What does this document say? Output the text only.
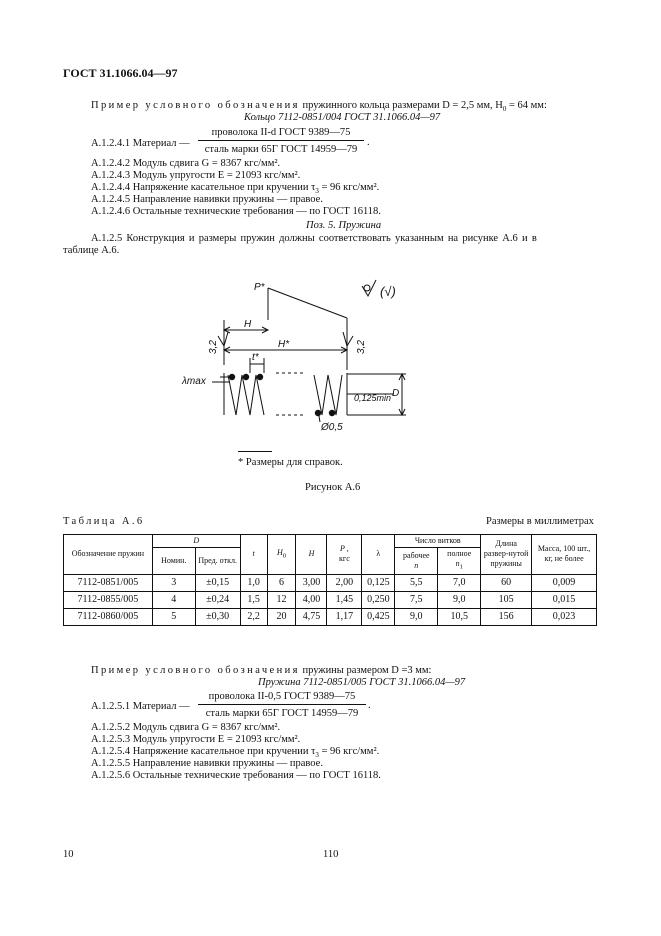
ГОСТ 31.1066.04—97
Пример условного обозначения пружинного кольца размерами D = 2,5 мм, $H_0 = 64$ мм:
Кольцо 7112-0851/004 ГОСТ 31.1066.04—97
А.1.2.4.1 Материал —
проволока II-d ГОСТ 9389—75
сталь марки 65Г ГОСТ 14959—79
.
А.1.2.4.2 Модуль сдвига G = 8367 кгс/мм².
А.1.2.4.3 Модуль упругости E = 21093 кгс/мм².
А.1.2.4.4 Напряжение касательное при кручении $\tau_3 = 96$ кгс/мм².
А.1.2.4.5 Направление навивки пружины — правое.
А.1.2.4.6 Остальные технические требования — по ГОСТ 16118.
Поз. 5. Пружина
А.1.2.5 Конструкция и размеры пружин должны соответствовать указанным на рисунке А.6 и в
таблице А.6.
P*
H
H*
t*
λmax
3,2	3,2
0,125min D
Ø0,5
(√)
* Размеры для справок.
Рисунок А.6
Таблица А.6	Размеры в миллиметрах
Обозначение пружин	D		t	$H_0$	H	P ,
кгс	λ	Число витков		Длина развер-нутой пружины	Масса, 100 шт., кг, не более
	Номин.	Пред. откл.						рабочее
n	полное
$n_1$
7112-0851/005	3	±0,15	1,0	6	3,00	2,00	0,125	5,5	7,0	60	0,009
7112-0855/005	4	±0,24	1,5	12	4,00	1,45	0,250	7,5	9,0	105	0,015
7112-0860/005	5	±0,30	2,2	20	4,75	1,17	0,425	9,0	10,5	156	0,023
Пример условного обозначения пружины размером D =3 мм:
Пружина 7112-0851/005 ГОСТ 31.1066.04—97
А.1.2.5.1 Материал —
проволока II-0,5 ГОСТ 9389—75
сталь марки 65Г ГОСТ 14959—79
.
А.1.2.5.2 Модуль сдвига G = 8367 кгс/мм².
А.1.2.5.3 Модуль упругости E = 21093 кгс/мм².
А.1.2.5.4 Напряжение касательное при кручении $\tau_3 = 96$ кгс/мм².
А.1.2.5.5 Направление навивки пружины — правое.
А.1.2.5.6 Остальные технические требования — по ГОСТ 16118.
10	110
